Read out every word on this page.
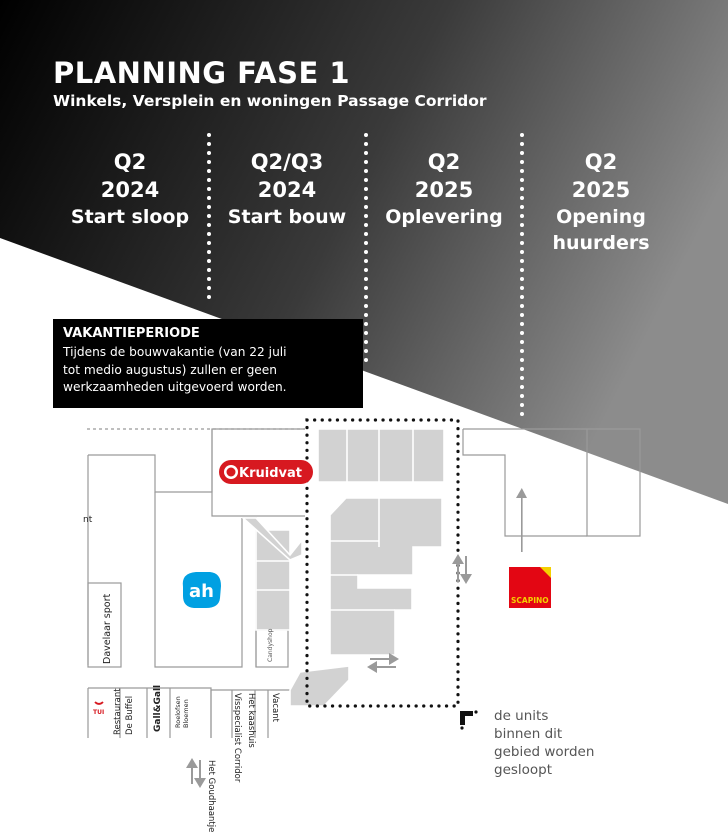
Kruidvat
ah	SCAPINO
TUI
PLANNING FASE 1
Winkels, Versplein en woningen Passage Corridor
Q2
2024
Start sloop
Q2/Q3
2024
Start bouw
Q2
2025
Oplevering
Q2
2025
Opening
huurders
VAKANTIEPERIODE
Tijdens de bouwvakantie (van 22 juli
tot medio augustus) zullen er geen
werkzaamheden uitgevoerd worden.
nt
Davelaar sport	Candyshop
Restaurant De Buffel Gall&Gall Roelofsen Bloemen
Het Goudhaantje
Het kaashuis
Visspecialist Corridor	Vacant	de units
binnen dit
gebied worden
gesloopt
